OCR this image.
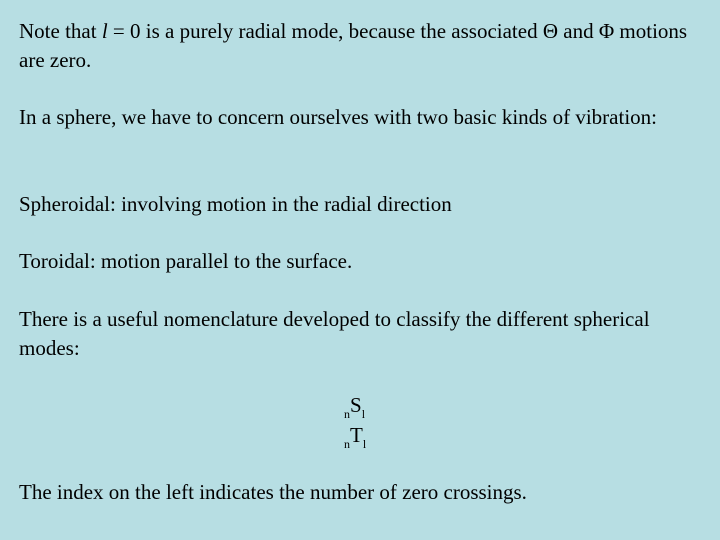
Note that l = 0 is a purely radial mode, because the associated Θ and Φ motions are zero.

In a sphere, we have to concern ourselves with two basic kinds of vibration:

Spheroidal: involving motion in the radial direction

Toroidal: motion parallel to the surface.

There is a useful nomenclature developed to classify the different spherical modes:

$_nS_l$
$_nT_l$

The index on the left indicates the number of zero crossings.
